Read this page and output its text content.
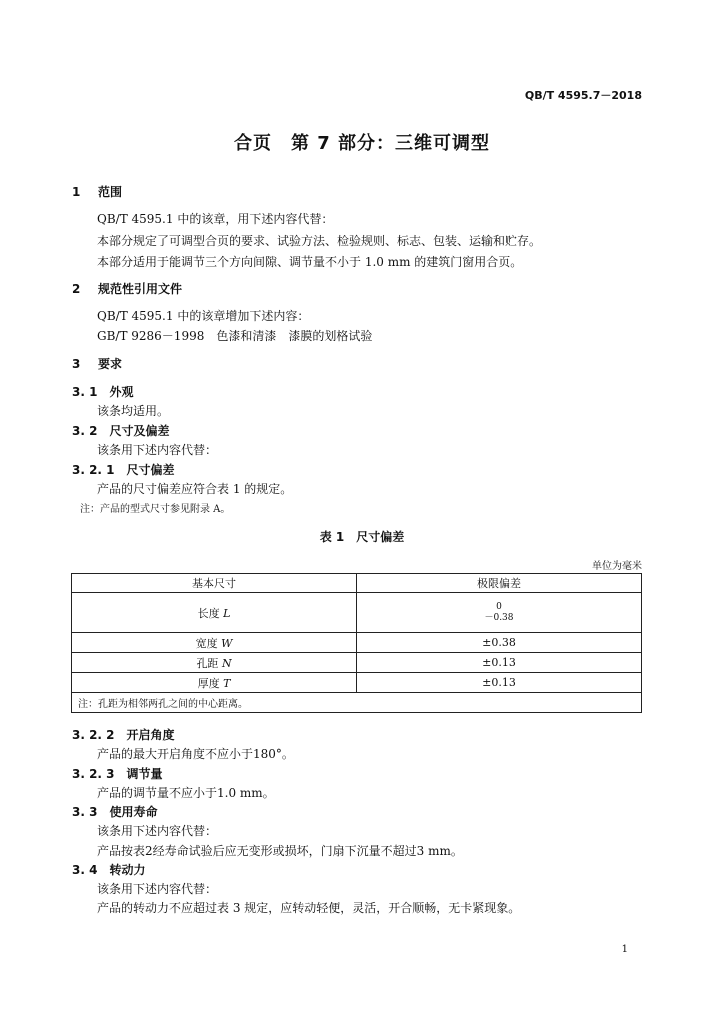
QB/T 4595.7－2018
合页　第 7 部分：三维可调型
1 范围
QB/T 4595.1 中的该章，用下述内容代替：
本部分规定了可调型合页的要求、试验方法、检验规则、标志、包装、运输和贮存。
本部分适用于能调节三个方向间隙、调节量不小于 1.0 mm 的建筑门窗用合页。
2 规范性引用文件
QB/T 4595.1 中的该章增加下述内容：
GB/T 9286－1998　色漆和清漆　漆膜的划格试验
3 要求
3. 1　 外观
该条均适用。
3. 2　 尺寸及偏差
该条用下述内容代替：
3. 2. 1　 尺寸偏差
产品的尺寸偏差应符合表 1 的规定。
注：产品的型式尺寸参见附录 A。
表 1　尺寸偏差
单位为毫米
基本尺寸	极限偏差
长度 L	0
－0.38
宽度 W	±0.38
孔距 N	±0.13
厚度 T	±0.13
注：孔距为相邻两孔之间的中心距离。	
3. 2. 2　 开启角度
产品的最大开启角度不应小于180°。
3. 2. 3　 调节量
产品的调节量不应小于1.0 mm。
3. 3　 使用寿命
该条用下述内容代替：
产品按表2经寿命试验后应无变形或损坏，门扇下沉量不超过3 mm。
3. 4　 转动力
该条用下述内容代替：
产品的转动力不应超过表 3 规定，应转动轻便，灵活，开合顺畅，无卡紧现象。
1
